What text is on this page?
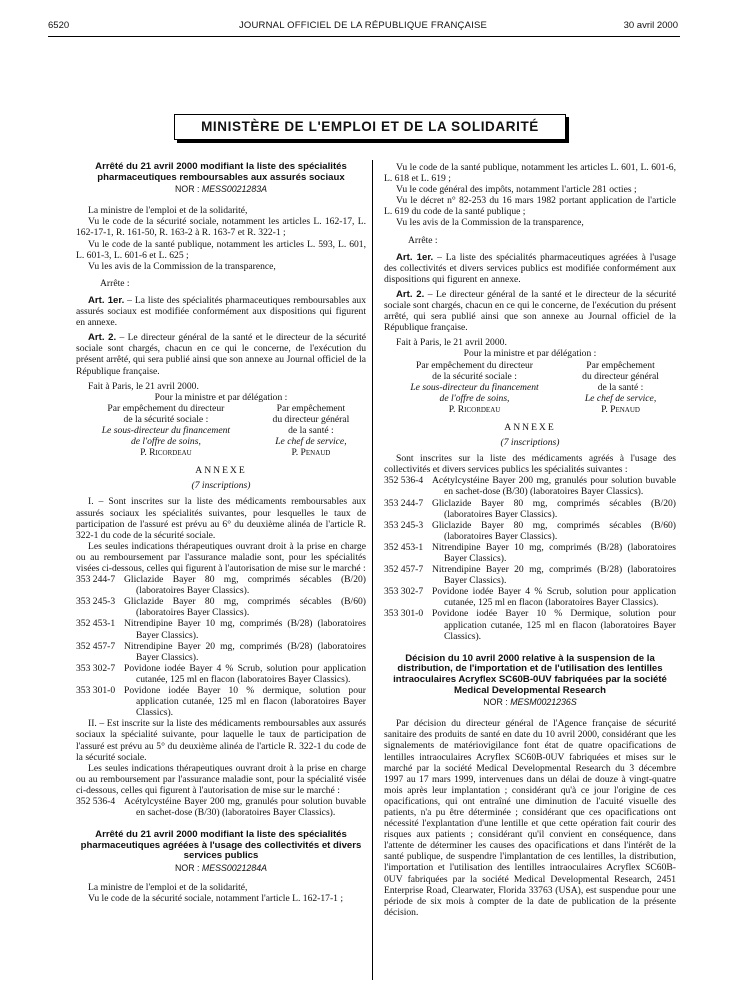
6520	JOURNAL OFFICIEL DE LA RÉPUBLIQUE FRANÇAISE	30 avril 2000
MINISTÈRE DE L'EMPLOI ET DE LA SOLIDARITÉ
Arrêté du 21 avril 2000 modifiant la liste des spécialités pharmaceutiques remboursables aux assurés sociaux
NOR : MESS0021283A

La ministre de l'emploi et de la solidarité,

Vu le code de la sécurité sociale, notamment les articles L. 162-17, L. 162-17-1, R. 161-50, R. 163-2 à R. 163-7 et R. 322-1 ;

Vu le code de la santé publique, notamment les articles L. 593, L. 601, L. 601-3, L. 601-6 et L. 625 ;

Vu les avis de la Commission de la transparence,

Arrête :

Art. 1er. – La liste des spécialités pharmaceutiques remboursables aux assurés sociaux est modifiée conformément aux dispositions qui figurent en annexe.

Art. 2. – Le directeur général de la santé et le directeur de la sécurité sociale sont chargés, chacun en ce qui le concerne, de l'exécution du présent arrêté, qui sera publié ainsi que son annexe au Journal officiel de la République française.

Fait à Paris, le 21 avril 2000.

Pour la ministre et par délégation :

Par empêchement du directeur
de la sécurité sociale :
Le sous-directeur du financement
de l'offre de soins,
P. Ricordeau
Par empêchement
du directeur général
de la santé :
Le chef de service,
P. Penaud
ANNEXE
(7 inscriptions)

I. – Sont inscrites sur la liste des médicaments remboursables aux assurés sociaux les spécialités suivantes, pour lesquelles le taux de participation de l'assuré est prévu au 6° du deuxième alinéa de l'article R. 322-1 du code de la sécurité sociale.

Les seules indications thérapeutiques ouvrant droit à la prise en charge ou au remboursement par l'assurance maladie sont, pour les spécialités visées ci-dessous, celles qui figurent à l'autorisation de mise sur le marché :

353 244-7 Gliclazide Bayer 80 mg, comprimés sécables (B/20) (laboratoires Bayer Classics).
353 245-3 Gliclazide Bayer 80 mg, comprimés sécables (B/60) (laboratoires Bayer Classics).
352 453-1 Nitrendipine Bayer 10 mg, comprimés (B/28) (laboratoires Bayer Classics).
352 457-7 Nitrendipine Bayer 20 mg, comprimés (B/28) (laboratoires Bayer Classics).
353 302-7 Povidone iodée Bayer 4 % Scrub, solution pour application cutanée, 125 ml en flacon (laboratoires Bayer Classics).
353 301-0 Povidone iodée Bayer 10 % dermique, solution pour application cutanée, 125 ml en flacon (laboratoires Bayer Classics).

II. – Est inscrite sur la liste des médicaments remboursables aux assurés sociaux la spécialité suivante, pour laquelle le taux de participation de l'assuré est prévu au 5° du deuxième alinéa de l'article R. 322-1 du code de la sécurité sociale.

Les seules indications thérapeutiques ouvrant droit à la prise en charge ou au remboursement par l'assurance maladie sont, pour la spécialité visée ci-dessous, celles qui figurent à l'autorisation de mise sur le marché :

352 536-4 Acétylcystéine Bayer 200 mg, granulés pour solution buvable en sachet-dose (B/30) (laboratoires Bayer Classics).
Arrêté du 21 avril 2000 modifiant la liste des spécialités pharmaceutiques agréées à l'usage des collectivités et divers services publics
NOR : MESS0021284A

La ministre de l'emploi et de la solidarité,

Vu le code de la sécurité sociale, notamment l'article L. 162-17-1 ;

Vu le code de la santé publique, notamment les articles L. 601, L. 601-6, L. 618 et L. 619 ;

Vu le code général des impôts, notamment l'article 281 octies ;

Vu le décret n° 82-253 du 16 mars 1982 portant application de l'article L. 619 du code de la santé publique ;

Vu les avis de la Commission de la transparence,

Arrête :

Art. 1er. – La liste des spécialités pharmaceutiques agréées à l'usage des collectivités et divers services publics est modifiée conformément aux dispositions qui figurent en annexe.

Art. 2. – Le directeur général de la santé et le directeur de la sécurité sociale sont chargés, chacun en ce qui le concerne, de l'exécution du présent arrêté, qui sera publié ainsi que son annexe au Journal officiel de la République française.

Fait à Paris, le 21 avril 2000.

Pour la ministre et par délégation :

Par empêchement du directeur
de la sécurité sociale :
Le sous-directeur du financement
de l'offre de soins,
P. Ricordeau
Par empêchement
du directeur général
de la santé :
Le chef de service,
P. Penaud
ANNEXE
(7 inscriptions)

Sont inscrites sur la liste des médicaments agréés à l'usage des collectivités et divers services publics les spécialités suivantes :

352 536-4 Acétylcystéine Bayer 200 mg, granulés pour solution buvable en sachet-dose (B/30) (laboratoires Bayer Classics).
353 244-7 Gliclazide Bayer 80 mg, comprimés sécables (B/20) (laboratoires Bayer Classics).
353 245-3 Gliclazide Bayer 80 mg, comprimés sécables (B/60) (laboratoires Bayer Classics).
352 453-1 Nitrendipine Bayer 10 mg, comprimés (B/28) (laboratoires Bayer Classics).
352 457-7 Nitrendipine Bayer 20 mg, comprimés (B/28) (laboratoires Bayer Classics).
353 302-7 Povidone iodée Bayer 4 % Scrub, solution pour application cutanée, 125 ml en flacon (laboratoires Bayer Classics).
353 301-0 Povidone iodée Bayer 10 % Dermique, solution pour application cutanée, 125 ml en flacon (laboratoires Bayer Classics).
Décision du 10 avril 2000 relative à la suspension de la distribution, de l'importation et de l'utilisation des lentilles intraoculaires Acryflex SC60B-0UV fabriquées par la société Medical Developmental Research
NOR : MESM0021236S

Par décision du directeur général de l'Agence française de sécurité sanitaire des produits de santé en date du 10 avril 2000, considérant que les signalements de matériovigilance font état de quatre opacifications de lentilles intraoculaires Acryflex SC60B-0UV fabriquées et mises sur le marché par la société Medical Developmental Research du 3 décembre 1997 au 17 mars 1999, intervenues dans un délai de douze à vingt-quatre mois après leur implantation ; considérant qu'à ce jour l'origine de ces opacifications, qui ont entraîné une diminution de l'acuité visuelle des patients, n'a pu être déterminée ; considérant que ces opacifications ont nécessité l'explantation d'une lentille et que cette opération fait courir des risques aux patients ; considérant qu'il convient en conséquence, dans l'attente de déterminer les causes des opacifications et dans l'intérêt de la santé publique, de suspendre l'implantation de ces lentilles, la distribution, l'importation et l'utilisation des lentilles intraoculaires Acryflex SC60B-0UV fabriquées par la société Medical Developmental Research, 2451 Enterprise Road, Clearwater, Florida 33763 (USA), est suspendue pour une période de six mois à compter de la date de publication de la présente décision.
